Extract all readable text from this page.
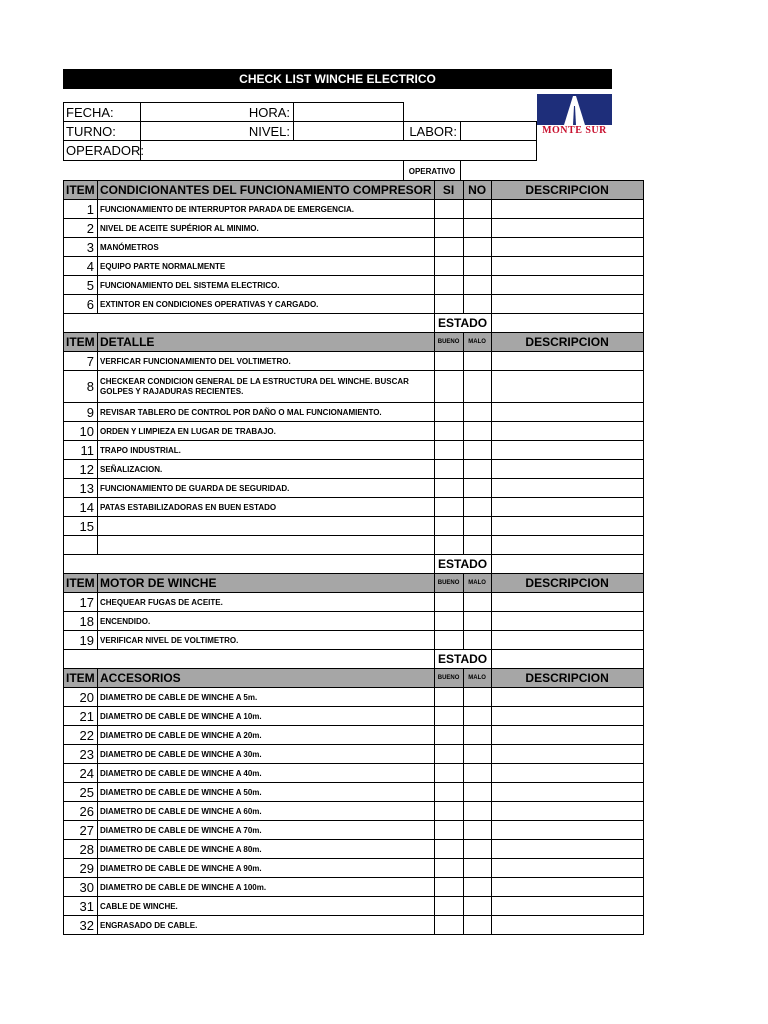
CHECK LIST WINCHE ELECTRICO
FECHA:	HORA:
TURNO:	NIVEL:	LABOR:
OPERADOR:
OPERATIVO
MONTE SUR
ITEM	CONDICIONANTES DEL FUNCIONAMIENTO COMPRESOR	SI	NO	DESCRIPCION
1	FUNCIONAMIENTO DE INTERRUPTOR PARADA DE EMERGENCIA.			
2	NIVEL DE ACEITE SUPÉRIOR AL MINIMO.			
3	MANÓMETROS			
4	EQUIPO PARTE NORMALMENTE			
5	FUNCIONAMIENTO DEL SISTEMA ELECTRICO.			
6	EXTINTOR EN CONDICIONES OPERATIVAS Y CARGADO.			
		ESTADO		
ITEM	DETALLE	BUENO	MALO	DESCRIPCION
7	VERFICAR FUNCIONAMIENTO DEL VOLTIMETRO.			
8	CHECKEAR CONDICION GENERAL DE LA ESTRUCTURA DEL WINCHE. BUSCAR GOLPES Y RAJADURAS RECIENTES.			
9	REVISAR TABLERO DE CONTROL POR DAÑO O MAL FUNCIONAMIENTO.			
10	ORDEN Y LIMPIEZA EN LUGAR DE TRABAJO.			
11	TRAPO INDUSTRIAL.			
12	SEÑALIZACION.			
13	FUNCIONAMIENTO DE GUARDA DE SEGURIDAD.			
14	PATAS ESTABILIZADORAS EN BUEN ESTADO			
15				

		ESTADO		
ITEM	MOTOR DE WINCHE	BUENO	MALO	DESCRIPCION
17	CHEQUEAR FUGAS DE ACEITE.			
18	ENCENDIDO.			
19	VERIFICAR NIVEL DE VOLTIMETRO.			
		ESTADO		
ITEM	ACCESORIOS	BUENO	MALO	DESCRIPCION
20	DIAMETRO DE CABLE DE WINCHE A 5m.			
21	DIAMETRO DE CABLE DE WINCHE A 10m.			
22	DIAMETRO DE CABLE DE WINCHE A 20m.			
23	DIAMETRO DE CABLE DE WINCHE A 30m.			
24	DIAMETRO DE CABLE DE WINCHE A 40m.			
25	DIAMETRO DE CABLE DE WINCHE A 50m.			
26	DIAMETRO DE CABLE DE WINCHE A 60m.			
27	DIAMETRO DE CABLE DE WINCHE A 70m.			
28	DIAMETRO DE CABLE DE WINCHE A 80m.			
29	DIAMETRO DE CABLE DE WINCHE A 90m.			
30	DIAMETRO DE CABLE DE WINCHE A 100m.			
31	CABLE DE WINCHE.			
32	ENGRASADO DE CABLE.			
